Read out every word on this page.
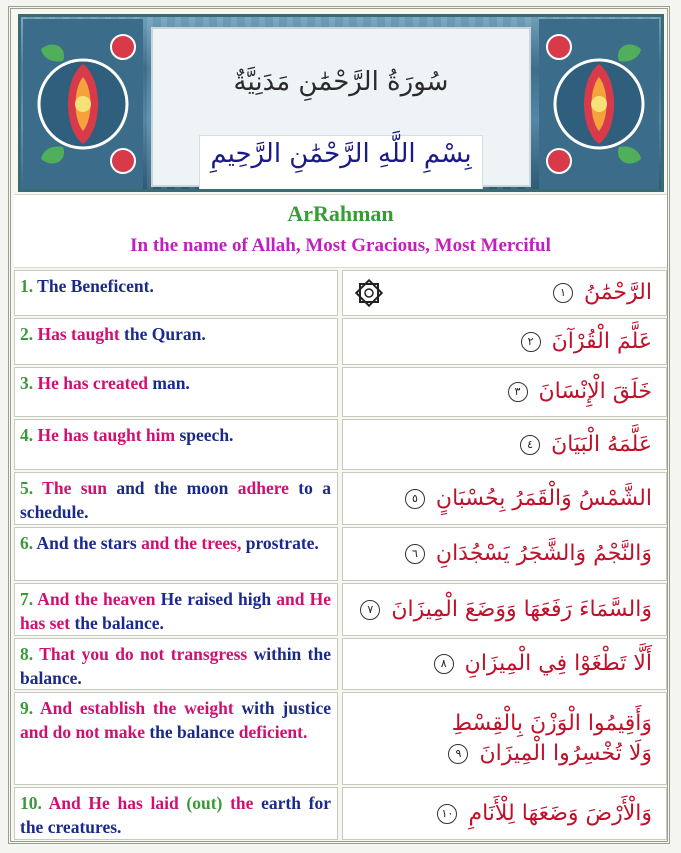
سُورَةُ الرَّحْمَٰنِ مَدَنِيَّةٌ
بِسْمِ اللَّهِ الرَّحْمَٰنِ الرَّحِيمِ
ArRahman
In the name of Allah, Most Gracious, Most Merciful
1. The Beneficent.	الرَّحْمَٰنُ ١
2. Has taught the Quran.	عَلَّمَ الْقُرْآنَ ٢
3. He has created man.	خَلَقَ الْإِنْسَانَ ٣
4. He has taught him speech.	عَلَّمَهُ الْبَيَانَ ٤
5. The sun and the moon adhere to a schedule.
الشَّمْسُ وَالْقَمَرُ بِحُسْبَانٍ ٥
6. And the stars and the trees, prostrate.	وَالنَّجْمُ وَالشَّجَرُ يَسْجُدَانِ ٦
7. And the heaven He raised high and He has set the balance.
وَالسَّمَاءَ رَفَعَهَا وَوَضَعَ الْمِيزَانَ ٧
8. That you do not transgress within the balance.
أَلَّا تَطْغَوْا فِي الْمِيزَانِ ٨
9. And establish the weight with justice and do not make the balance deficient.	وَأَقِيمُوا الْوَزْنَ بِالْقِسْطِ
وَلَا تُخْسِرُوا الْمِيزَانَ ٩
10. And He has laid (out) the earth for the creatures.
وَالْأَرْضَ وَضَعَهَا لِلْأَنَامِ ١٠
